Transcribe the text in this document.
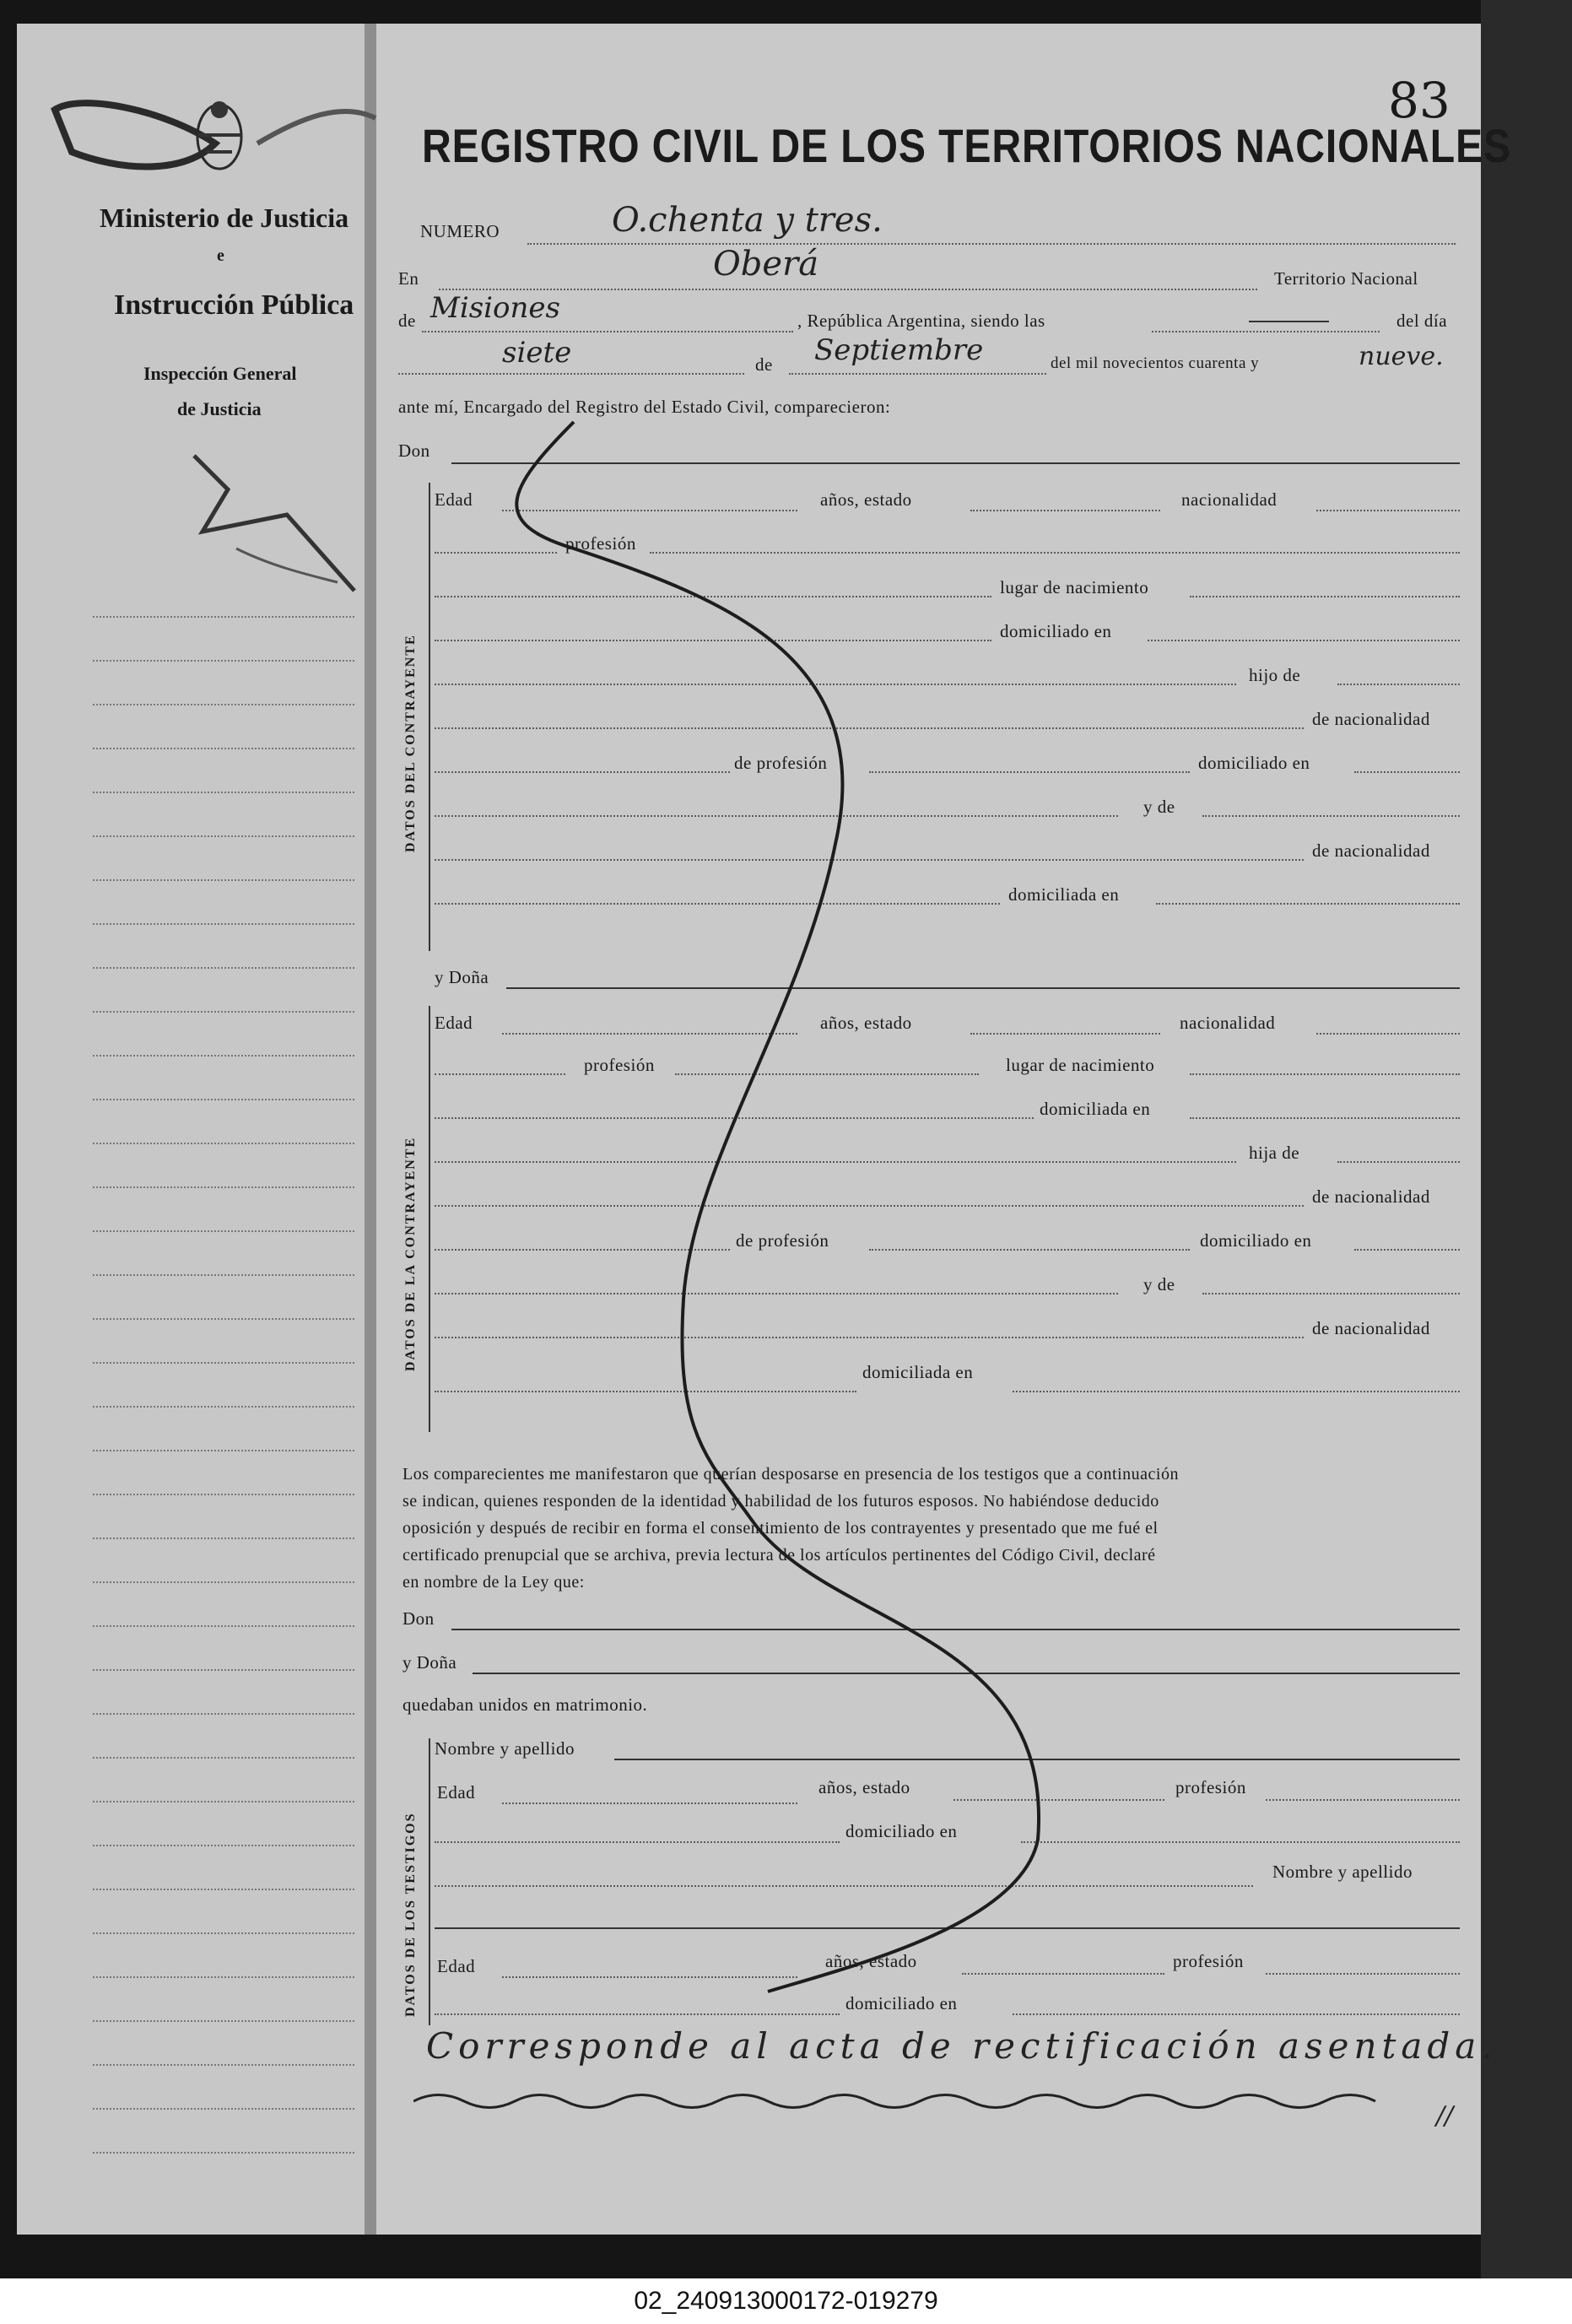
83
Ministerio de Justicia
e
Instrucción Pública
Inspección General
de Justicia
REGISTRO CIVIL DE LOS TERRITORIOS NACIONALES
NUMERO	O.chenta y tres.
En	Oberá	Territorio Nacional
de Misiones	, República Argentina, siendo las	del día
siete	de Septiembre	del mil novecientos cuarenta y	nueve.
ante mí, Encargado del Registro del Estado Civil, comparecieron:
Don
DATOS DEL CONTRAYENTE
Edad	años, estado	nacionalidad
profesión
lugar de nacimiento
domiciliado en
hijo de
de nacionalidad
de profesión	domiciliado en
y de
de nacionalidad
domiciliada en
y Doña
DATOS DE LA CONTRAYENTE
Edad	años, estado	nacionalidad
profesión	lugar de nacimiento
domiciliada en
hija de
de nacionalidad
de profesión	domiciliado en
y de
de nacionalidad
domiciliada en
Los comparecientes me manifestaron que querían desposarse en presencia de los testigos que a continuación
se indican, quienes responden de la identidad y habilidad de los futuros esposos. No habiéndose deducido
oposición y después de recibir en forma el consentimiento de los contrayentes y presentado que me fué el
certificado prenupcial que se archiva, previa lectura de los artículos pertinentes del Código Civil, declaré
en nombre de la Ley que:
Don
y Doña
quedaban unidos en matrimonio.
DATOS DE LOS TESTIGOS
Nombre y apellido
Edad	años, estado	profesión
domiciliado en
Nombre y apellido
Edad	años, estado	profesión
domiciliado en
Corresponde al acta de rectificación asentada.
//
02_240913000172-019279
